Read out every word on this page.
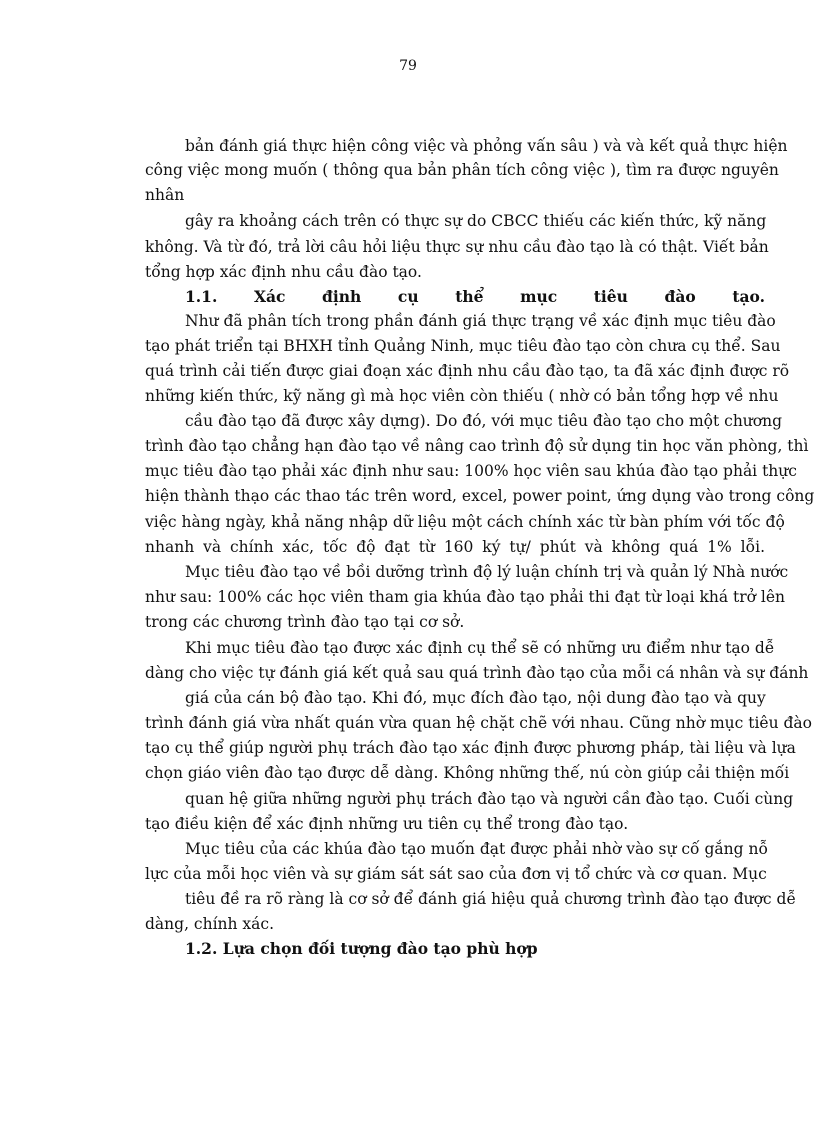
79
bản đánh giá thực hiện công việc và phỏng vấn sâu ) và và kết quả thực hiện
công việc mong muốn ( thông qua bản phân tích công việc ), tìm ra được nguyên
nhân
gây ra khoảng cách trên có thực sự do CBCC thiếu các kiến thức, kỹ năng
không. Và từ đó, trả lời câu hỏi liệu thực sự nhu cầu đào tạo là có thật. Viết bản
tổng hợp xác định nhu cầu đào tạo.
1.1. Xác định cụ thể mục tiêu đào tạo.
Như đã phân tích trong phần đánh giá thực trạng về xác định mục tiêu đào
tạo phát triển tại BHXH tỉnh Quảng Ninh, mục tiêu đào tạo còn chưa cụ thể. Sau
quá trình cải tiến được giai đoạn xác định nhu cầu đào tạo, ta đã xác định được rõ
những kiến thức, kỹ năng gì mà học viên còn thiếu ( nhờ có bản tổng hợp về nhu
cầu đào tạo đã được xây dựng). Do đó, với mục tiêu đào tạo cho một chương
trình đào tạo chẳng hạn đào tạo về nâng cao trình độ sử dụng tin học văn phòng, thì
mục tiêu đào tạo phải xác định như sau: 100% học viên sau khúa đào tạo phải thực
hiện thành thạo các thao tác trên word, excel, power point, ứng dụng vào trong công
việc hàng ngày, khả năng nhập dữ liệu một cách chính xác từ bàn phím với tốc độ
nhanh và chính xác, tốc độ đạt từ 160 ký tự/ phút và không quá 1% lỗi.
Mục tiêu đào tạo về bồi dưỡng trình độ lý luận chính trị và quản lý Nhà nước
như sau: 100% các học viên tham gia khúa đào tạo phải thi đạt từ loại khá trở lên
trong các chương trình đào tạo tại cơ sở.
Khi mục tiêu đào tạo được xác định cụ thể sẽ có những ưu điểm như tạo dễ
dàng cho việc tự đánh giá kết quả sau quá trình đào tạo của mỗi cá nhân và sự đánh
giá của cán bộ đào tạo. Khi đó, mục đích đào tạo, nội dung đào tạo và quy
trình đánh giá vừa nhất quán vừa quan hệ chặt chẽ với nhau. Cũng nhờ mục tiêu đào
tạo cụ thể giúp người phụ trách đào tạo xác định được phương pháp, tài liệu và lựa
chọn giáo viên đào tạo được dễ dàng. Không những thế, nú còn giúp cải thiện mối
quan hệ giữa những người phụ trách đào tạo và người cần đào tạo. Cuối cùng
tạo điều kiện để xác định những ưu tiên cụ thể trong đào tạo.
Mục tiêu của các khúa đào tạo muốn đạt được phải nhờ vào sự cố gắng nỗ
lực của mỗi học viên và sự giám sát sát sao của đơn vị tổ chức và cơ quan. Mục
tiêu đề ra rõ ràng là cơ sở để đánh giá hiệu quả chương trình đào tạo được dễ
dàng, chính xác.
1.2. Lựa chọn đối tượng đào tạo phù hợp
